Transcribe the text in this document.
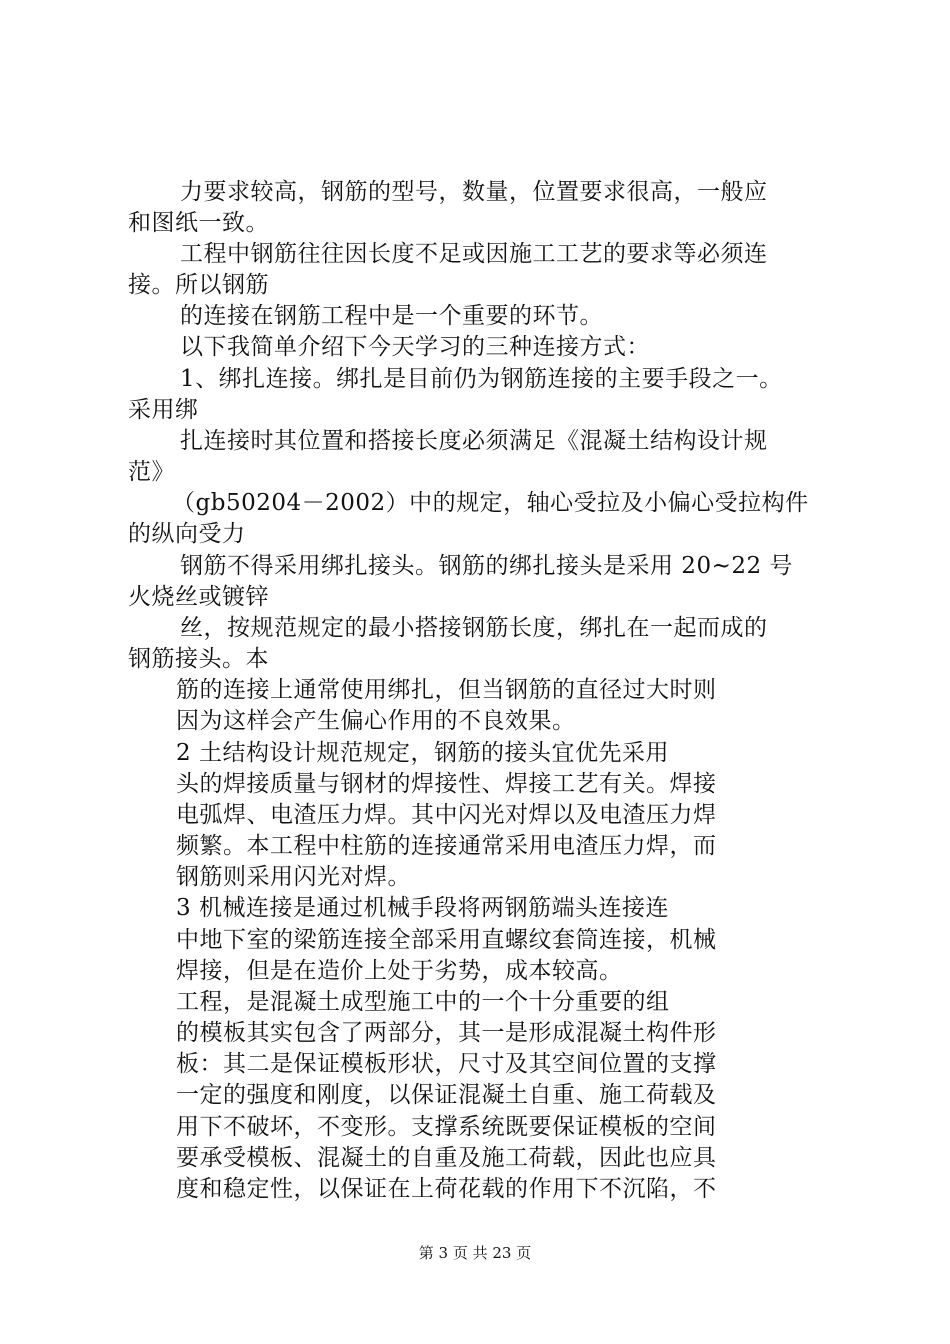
力要求较高，钢筋的型号，数量，位置要求很高，一般应
和图纸一致。
工程中钢筋往往因长度不足或因施工工艺的要求等必须连
接。所以钢筋
的连接在钢筋工程中是一个重要的环节。
以下我简单介绍下今天学习的三种连接方式：
1、绑扎连接。绑扎是目前仍为钢筋连接的主要手段之一。
采用绑
扎连接时其位置和搭接长度必须满足《混凝土结构设计规
范》
（gb50204－2002）中的规定，轴心受拉及小偏心受拉构件
的纵向受力
钢筋不得采用绑扎接头。钢筋的绑扎接头是采用 20~22 号
火烧丝或镀锌
丝，按规范规定的最小搭接钢筋长度，绑扎在一起而成的
钢筋接头。本
筋的连接上通常使用绑扎，但当钢筋的直径过大时则
因为这样会产生偏心作用的不良效果。
2 土结构设计规范规定，钢筋的接头宜优先采用
头的焊接质量与钢材的焊接性、焊接工艺有关。焊接
电弧焊、电渣压力焊。其中闪光对焊以及电渣压力焊
频繁。本工程中柱筋的连接通常采用电渣压力焊，而
钢筋则采用闪光对焊。
3 机械连接是通过机械手段将两钢筋端头连接连
中地下室的梁筋连接全部采用直螺纹套筒连接，机械
焊接，但是在造价上处于劣势，成本较高。
工程，是混凝土成型施工中的一个十分重要的组
的模板其实包含了两部分，其一是形成混凝土构件形
板：其二是保证模板形状，尺寸及其空间位置的支撑
一定的强度和刚度，以保证混凝土自重、施工荷载及
用下不破坏，不变形。支撑系统既要保证模板的空间
要承受模板、混凝土的自重及施工荷载，因此也应具
度和稳定性，以保证在上荷花载的作用下不沉陷，不
第 3 页 共 23 页
